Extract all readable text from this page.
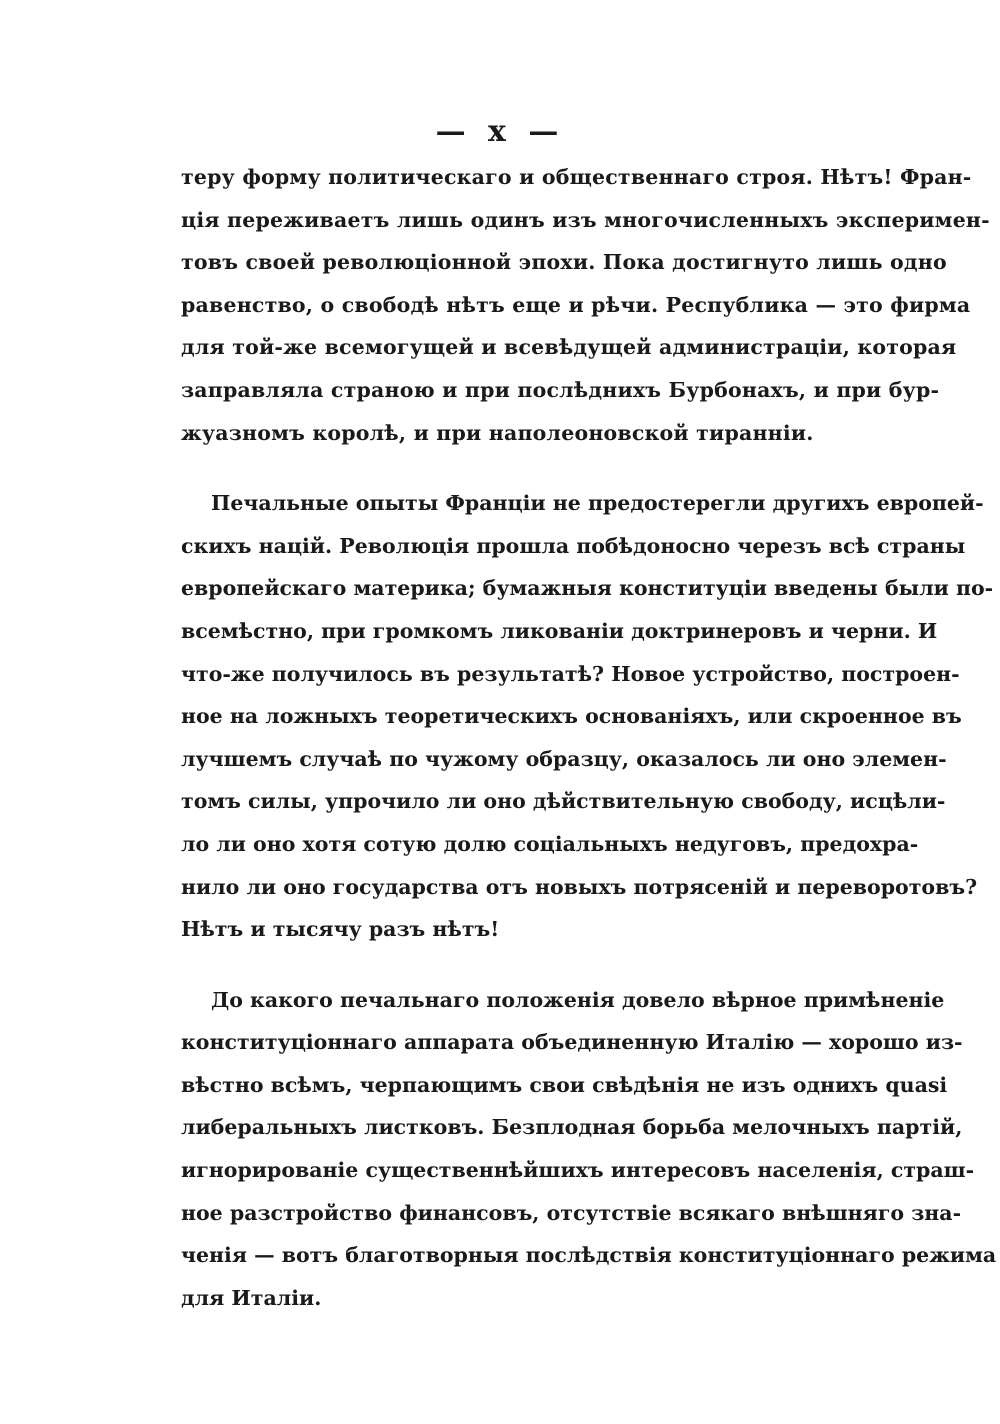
— x —
теру форму политическаго и общественнаго строя. Нѣтъ! Фран-
ція переживаетъ лишь одинъ изъ многочисленныхъ эксперимен-
товъ своей революціонной эпохи. Пока достигнуто лишь одно
равенство, о свободѣ нѣтъ еще и рѣчи. Республика — это фирма
для той-же всемогущей и всевѣдущей администраціи, которая
заправляла страною и при послѣднихъ Бурбонахъ, и при бур-
жуазномъ королѣ, и при наполеоновской тираннiи.
Печальные опыты Франціи не предостерегли другихъ европей-
скихъ націй. Революція прошла побѣдоносно черезъ всѣ страны
европейскаго материка; бумажныя конституціи введены были по-
всемѣстно, при громкомъ ликованіи доктринеровъ и черни. И
что-же получилось въ результатѣ? Новое устройство, построен-
ное на ложныхъ теоретическихъ основаніяхъ, или скроенное въ
лучшемъ случаѣ по чужому образцу, оказалось ли оно элемен-
томъ силы, упрочило ли оно дѣйствительную свободу, исцѣли-
ло ли оно хотя сотую долю соціальныхъ недуговъ, предохра-
нило ли оно государства отъ новыхъ потрясеній и переворотовъ?
Нѣтъ и тысячу разъ нѣтъ!
До какого печальнаго положенія довело вѣрное примѣненіе
конституціоннаго аппарата объединенную Италію — хорошо из-
вѣстно всѣмъ, черпающимъ свои свѣдѣнія не изъ однихъ quasi
либеральныхъ листковъ. Безплодная борьба мелочныхъ партій,
игнорированіе существеннѣйшихъ интересовъ населенія, страш-
ное разстройство финансовъ, отсутствіе всякаго внѣшняго зна-
ченія — вотъ благотворныя послѣдствія конституціоннаго режима
для Италіи.
